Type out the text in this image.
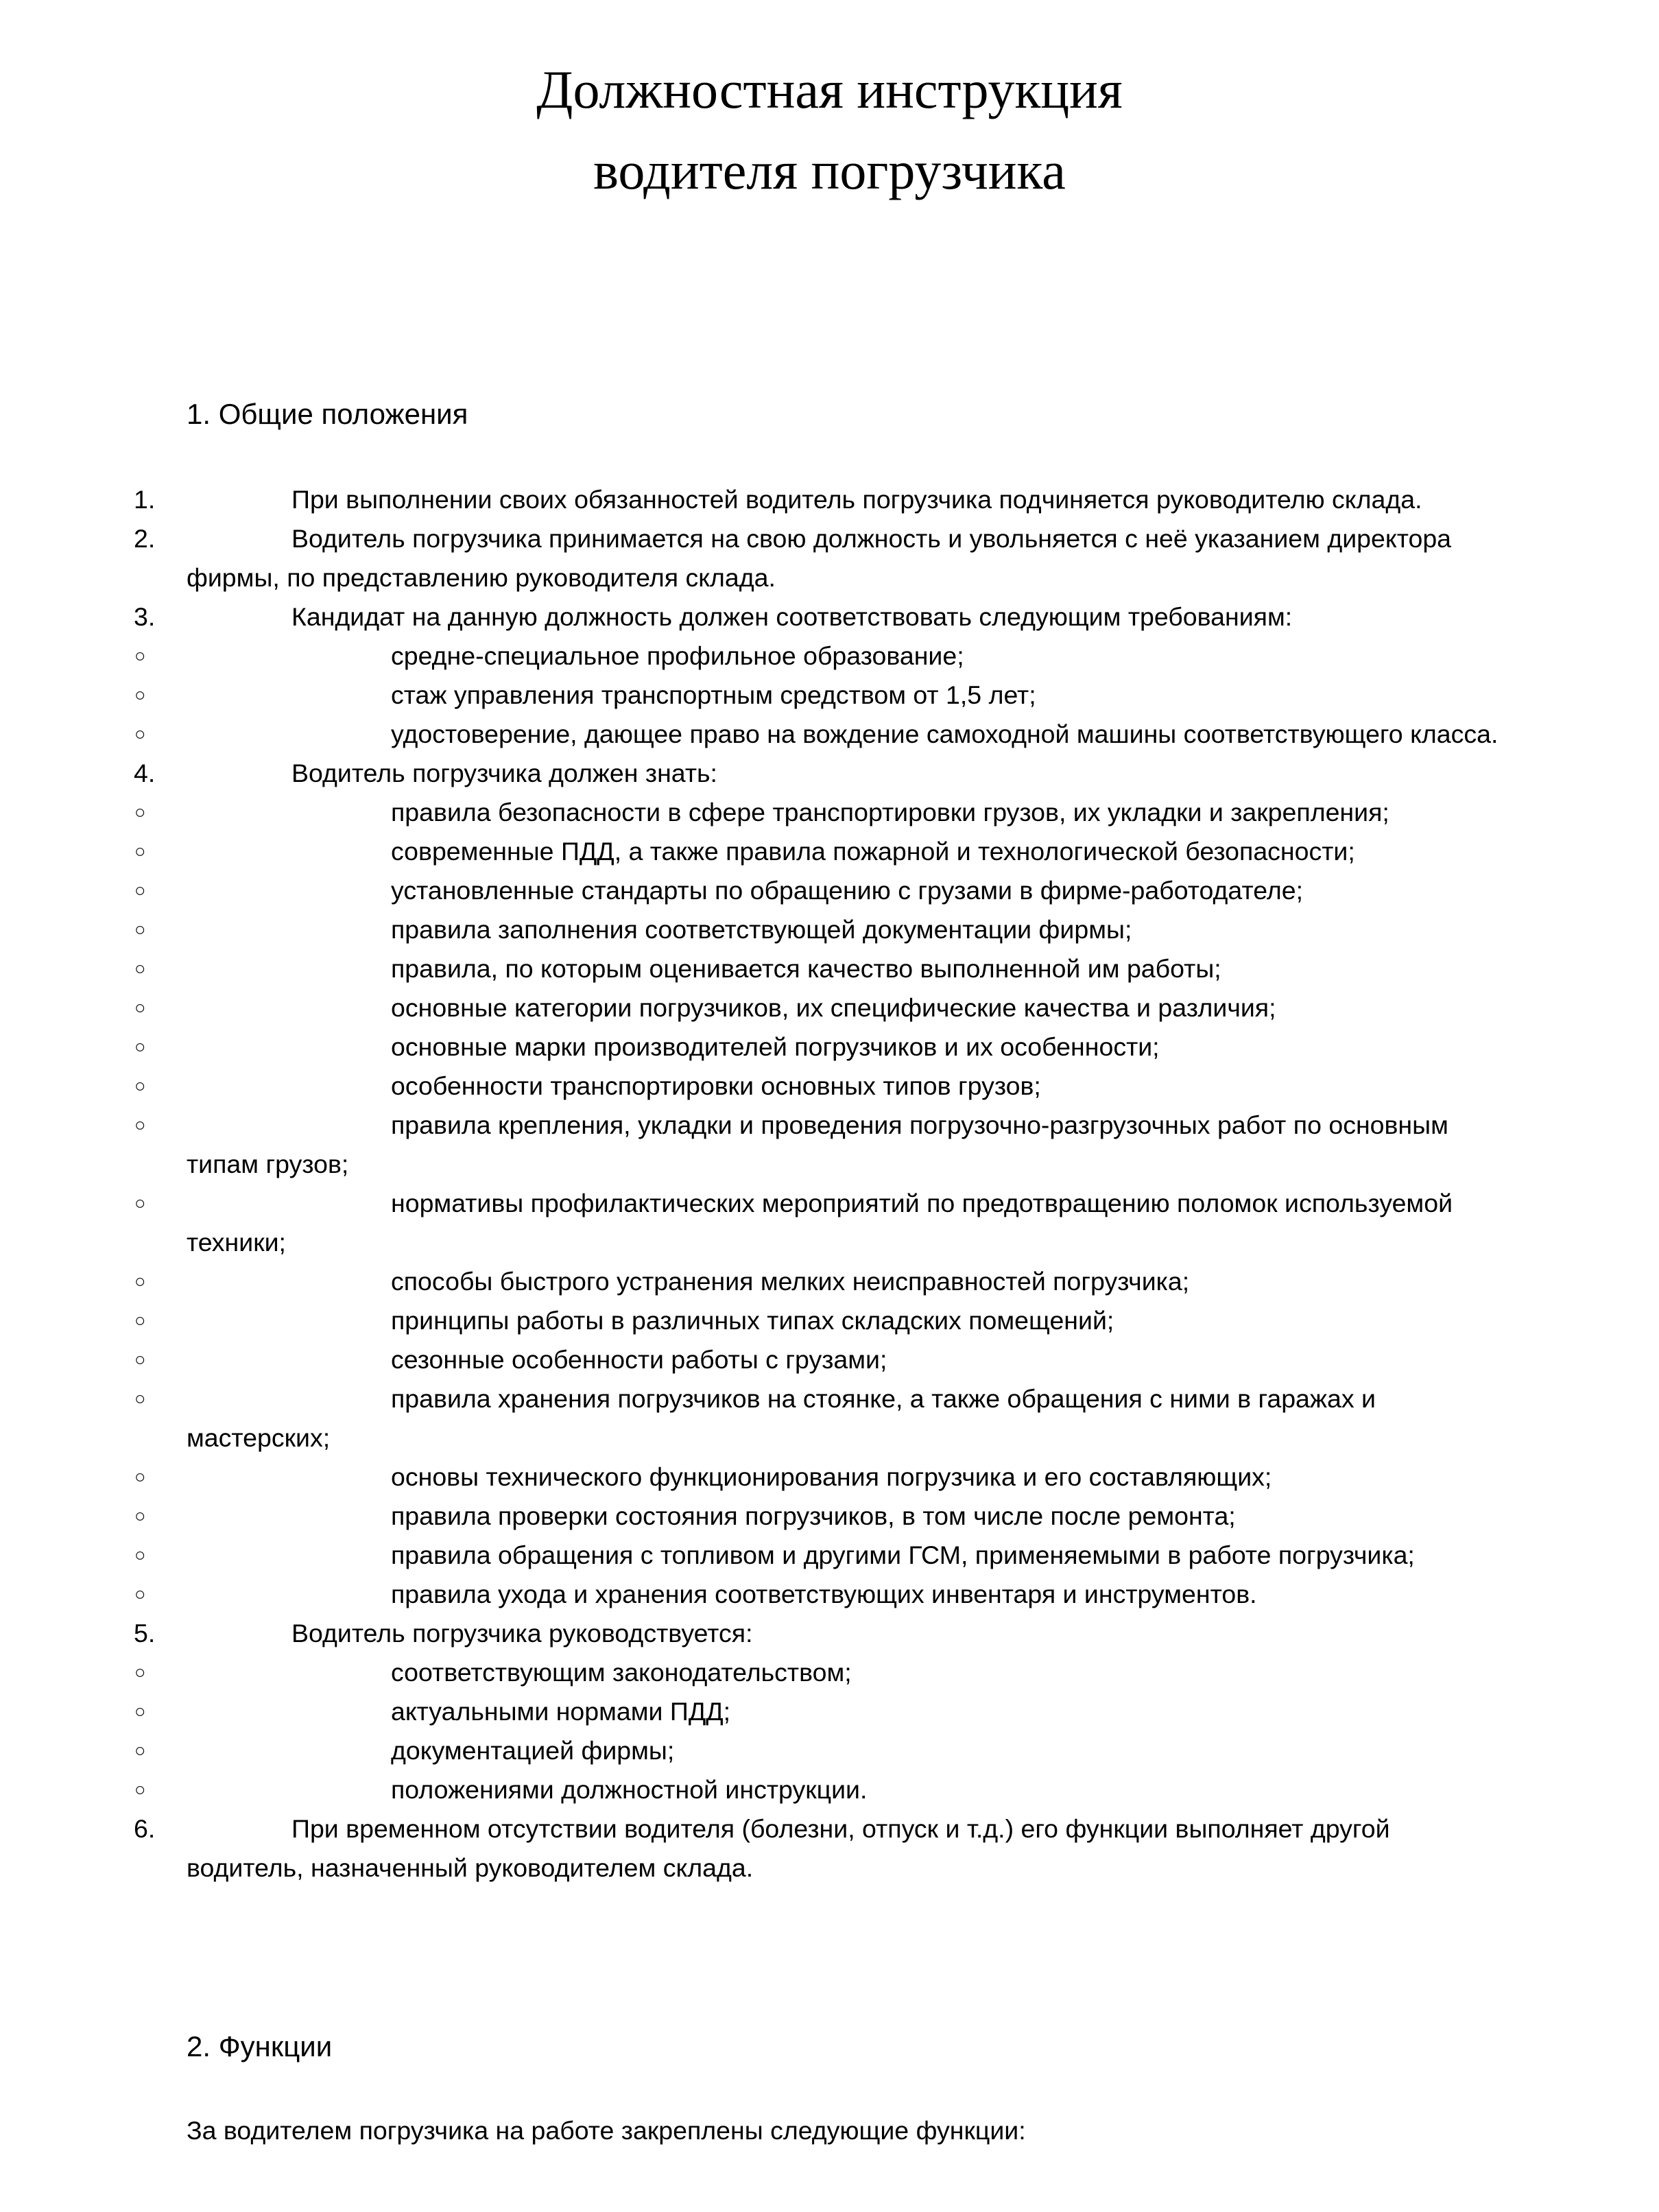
Должностная инструкция
водителя погрузчика
1. Общие положения
1.	При выполнении своих обязанностей водитель погрузчика подчиняется руководителю склада.
2.	Водитель погрузчика принимается на свою должность и увольняется с неё указанием директора фирмы, по представлению руководителя склада.
3.	Кандидат на данную должность должен соответствовать следующим требованиям:
○	средне-специальное профильное образование;
○	стаж управления транспортным средством от 1,5 лет;
○	удостоверение, дающее право на вождение самоходной машины соответствующего класса.
4.	Водитель погрузчика должен знать:
○	правила безопасности в сфере транспортировки грузов, их укладки и закрепления;
○	современные ПДД, а также правила пожарной и технологической безопасности;
○	установленные стандарты по обращению с грузами в фирме-работодателе;
○	правила заполнения соответствующей документации фирмы;
○	правила, по которым оценивается качество выполненной им работы;
○	основные категории погрузчиков, их специфические качества и различия;
○	основные марки производителей погрузчиков и их особенности;
○	особенности транспортировки основных типов грузов;
○	правила крепления, укладки и проведения погрузочно-разгрузочных работ по основным типам грузов;
○	нормативы профилактических мероприятий по предотвращению поломок используемой техники;
○	способы быстрого устранения мелких неисправностей погрузчика;
○	принципы работы в различных типах складских помещений;
○	сезонные особенности работы с грузами;
○	правила хранения погрузчиков на стоянке, а также обращения с ними в гаражах и мастерских;
○	основы технического функционирования погрузчика и его составляющих;
○	правила проверки состояния погрузчиков, в том числе после ремонта;
○	правила обращения с топливом и другими ГСМ, применяемыми в работе погрузчика;
○	правила ухода и хранения соответствующих инвентаря и инструментов.
5.	Водитель погрузчика руководствуется:
○	соответствующим законодательством;
○	актуальными нормами ПДД;
○	документацией фирмы;
○	положениями должностной инструкции.
6.	При временном отсутствии водителя (болезни, отпуск и т.д.) его функции выполняет другой водитель, назначенный руководителем склада.
2. Функции
За водителем погрузчика на работе закреплены следующие функции:
